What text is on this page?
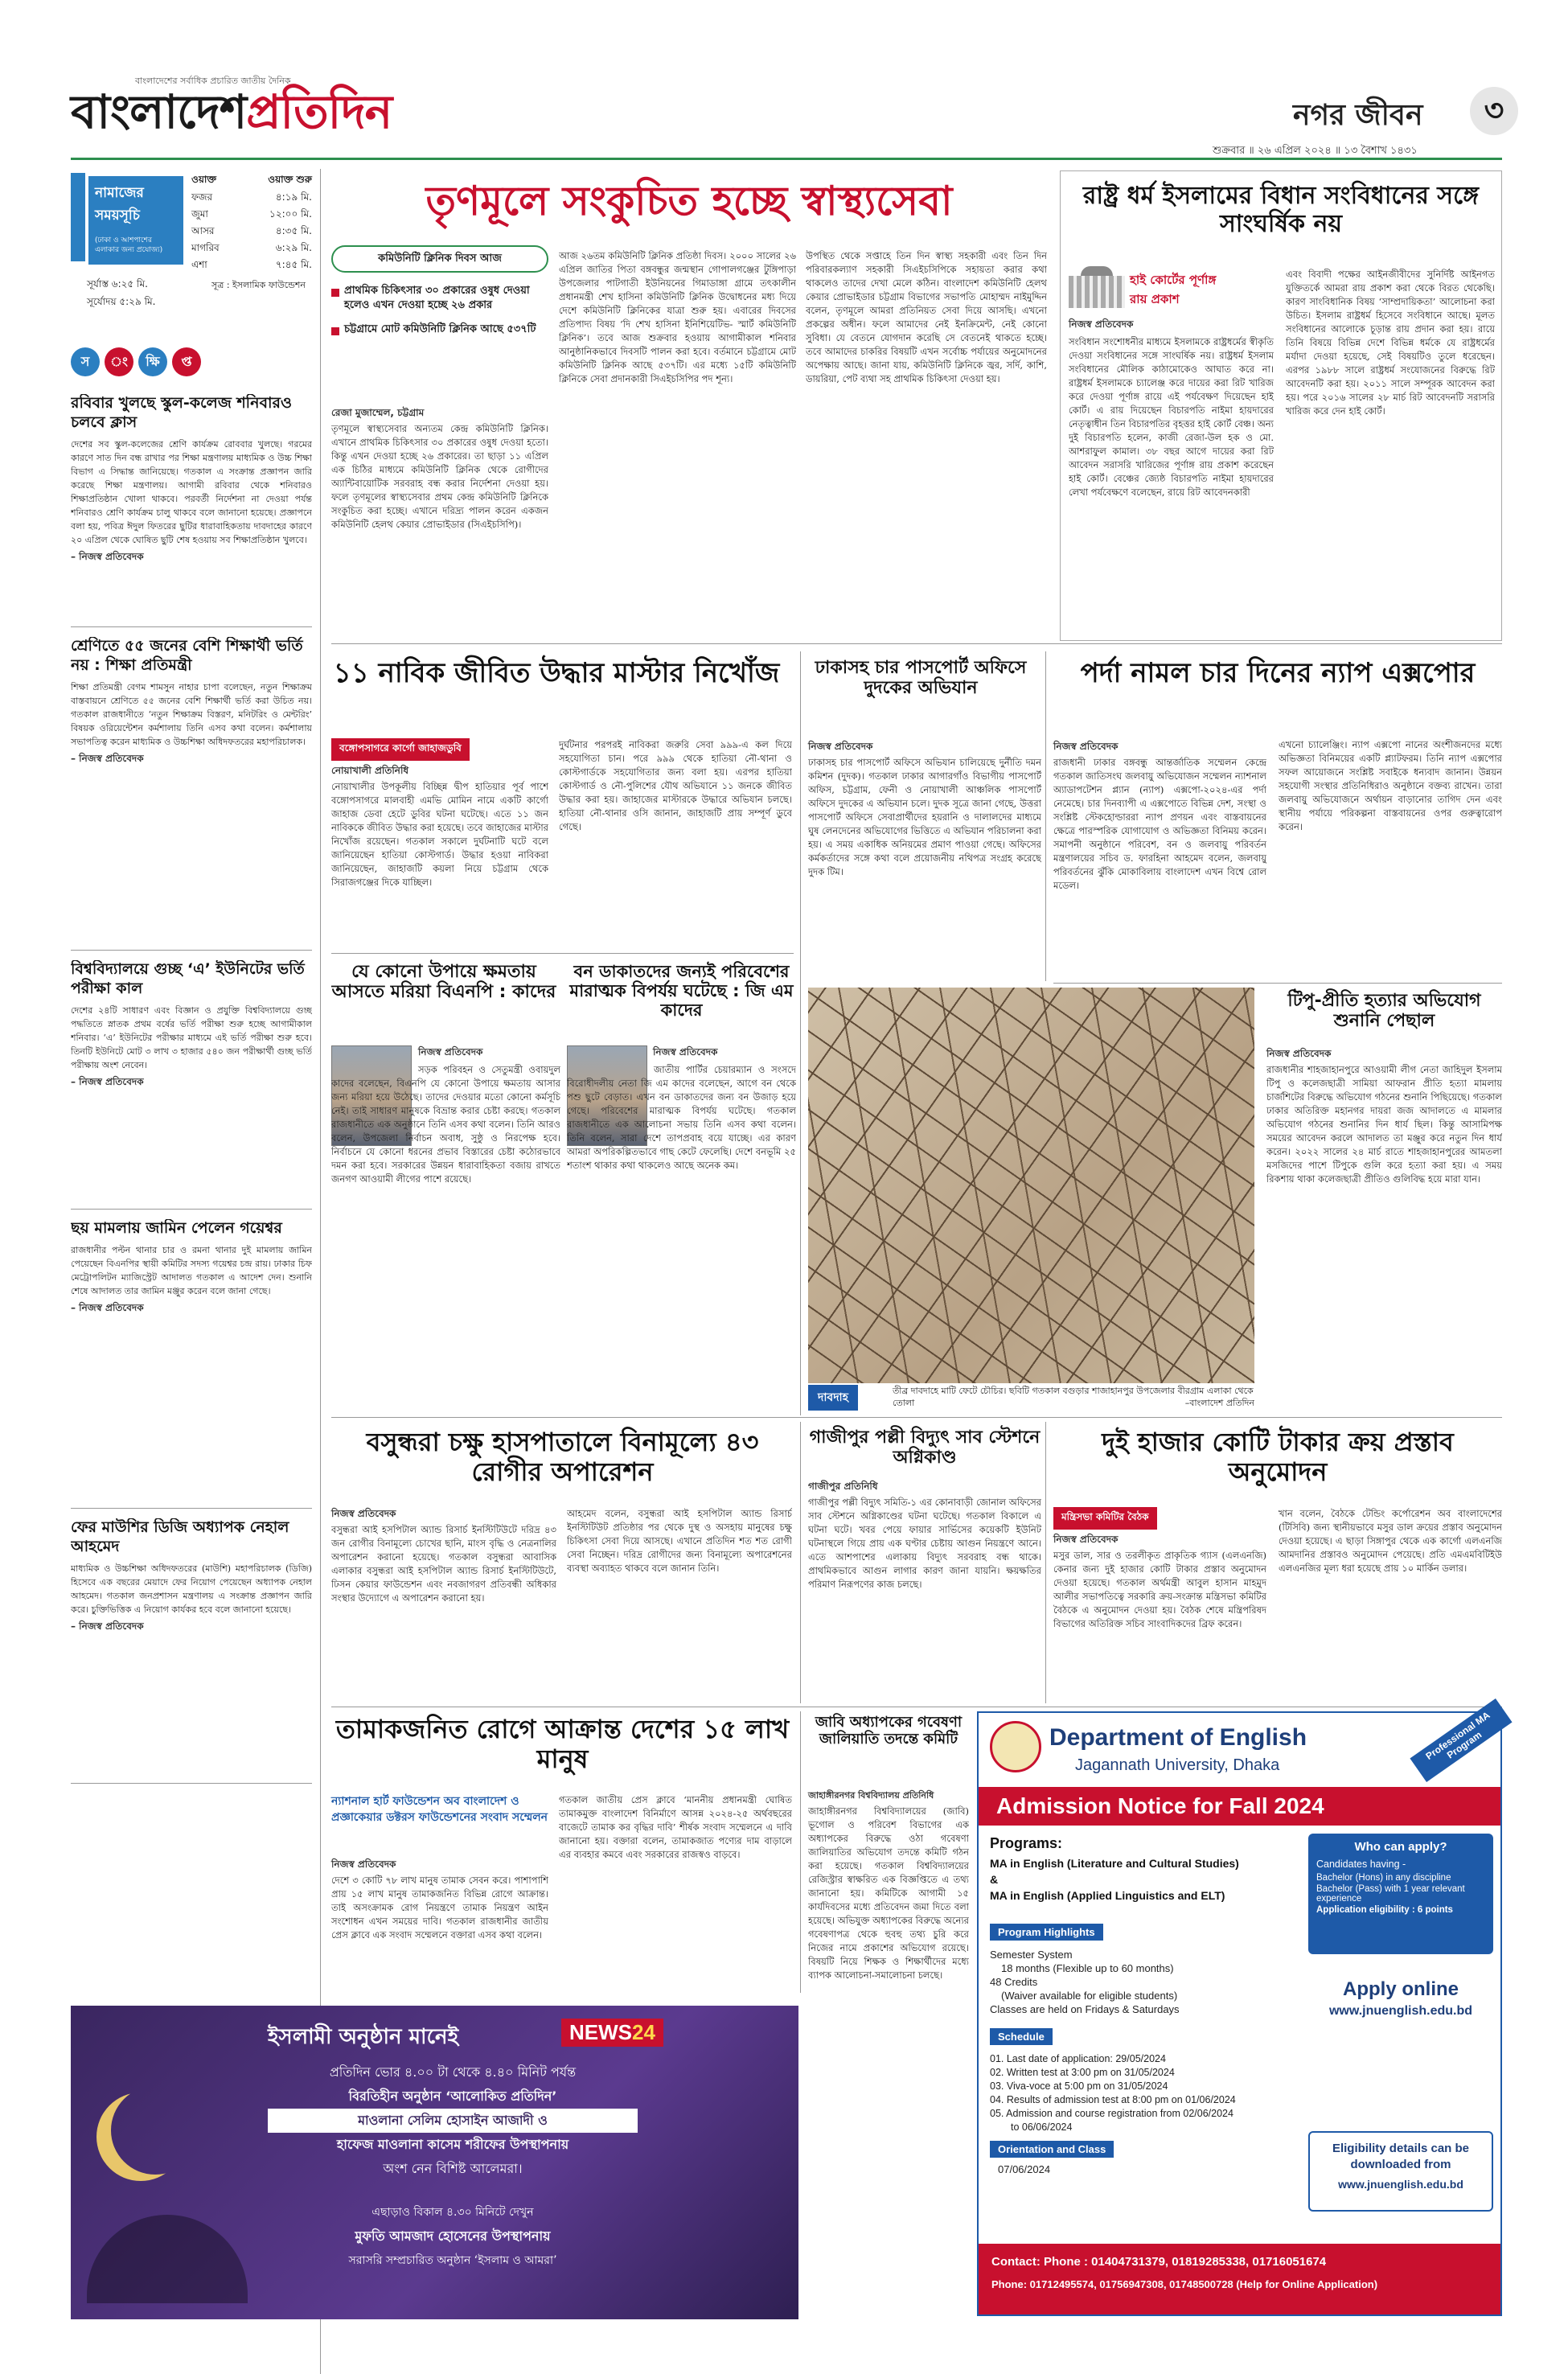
বাংলাদেশের সর্বাধিক প্রচারিত জাতীয় দৈনিক
বাংলাদেশপ্রতিদিন	নগর জীবন	৩
শুক্রবার ॥ ২৬ এপ্রিল ২০২৪ ॥ ১৩ বৈশাখ ১৪৩১
নামাজের
সময়সূচি
(ঢাকা ও আশপাশের এলাকার জন্য প্রযোজ্য)
ওয়াক্ত	ওয়াক্ত শুরু
ফজর	৪:১৯ মি.
জুমা	১২:০০ মি.
আসর	৪:৩৫ মি.
মাগরিব	৬:২৯ মি.
এশা	৭:৪৫ মি.
সূর্যাস্ত ৬:২৫ মি.
সূর্যোদয় ৫:২৯ মি.
সূত্র : ইসলামিক ফাউন্ডেশন
স	ং	ক্ষি	প্ত
রবিবার খুলছে স্কুল-কলেজ শনিবারও চলবে ক্লাস
দেশের সব স্কুল-কলেজের শ্রেণি কার্যক্রম রোববার খুলছে। গরমের কারণে সাত দিন বন্ধ রাখার পর শিক্ষা মন্ত্রণালয় মাধ্যমিক ও উচ্চ শিক্ষা বিভাগ এ সিদ্ধান্ত জানিয়েছে। গতকাল এ সংক্রান্ত প্রজ্ঞাপন জারি করেছে শিক্ষা মন্ত্রণালয়। আগামী রবিবার থেকে শনিবারও শিক্ষাপ্রতিষ্ঠান খোলা থাকবে। পরবর্তী নির্দেশনা না দেওয়া পর্যন্ত শনিবারও শ্রেণি কার্যক্রম চালু থাকবে বলে জানানো হয়েছে। প্রজ্ঞাপনে বলা হয়, পবিত্র ঈদুল ফিতরের ছুটির ধারাবাহিকতায় দাবদাহের কারণে ২০ এপ্রিল থেকে ঘোষিত ছুটি শেষ হওয়ায় সব শিক্ষাপ্রতিষ্ঠান খুলবে।
– নিজস্ব প্রতিবেদক
শ্রেণিতে ৫৫ জনের বেশি শিক্ষার্থী ভর্তি নয় : শিক্ষা প্রতিমন্ত্রী
শিক্ষা প্রতিমন্ত্রী বেগম শামসুন নাহার চাপা বলেছেন, নতুন শিক্ষাক্রম বাস্তবায়নে শ্রেণিতে ৫৫ জনের বেশি শিক্ষার্থী ভর্তি করা উচিত নয়। গতকাল রাজধানীতে ‘নতুন শিক্ষাক্রম বিস্তরণ, মনিটরিং ও মেন্টরিং’ বিষয়ক ওরিয়েন্টেশন কর্মশালায় তিনি এসব কথা বলেন। কর্মশালায় সভাপতিত্ব করেন মাধ্যমিক ও উচ্চশিক্ষা অধিদফতরের মহাপরিচালক।
– নিজস্ব প্রতিবেদক
বিশ্ববিদ্যালয়ে গুচ্ছ ‘এ’ ইউনিটের ভর্তি পরীক্ষা কাল
দেশের ২৪টি সাধারণ এবং বিজ্ঞান ও প্রযুক্তি বিশ্ববিদ্যালয়ে গুচ্ছ পদ্ধতিতে স্নাতক প্রথম বর্ষের ভর্তি পরীক্ষা শুরু হচ্ছে আগামীকাল শনিবার। ‘এ’ ইউনিটের পরীক্ষার মাধ্যমে এই ভর্তি পরীক্ষা শুরু হবে। তিনটি ইউনিটে মোট ৩ লাখ ৩ হাজার ৫৪০ জন পরীক্ষার্থী গুচ্ছ ভর্তি পরীক্ষায় অংশ নেবেন।
– নিজস্ব প্রতিবেদক
ছয় মামলায় জামিন পেলেন গয়েশ্বর
রাজধানীর পল্টন থানার চার ও রমনা থানার দুই মামলায় জামিন পেয়েছেন বিএনপির স্থায়ী কমিটির সদস্য গয়েশ্বর চন্দ্র রায়। ঢাকার চিফ মেট্রোপলিটন ম্যাজিস্ট্রেট আদালত গতকাল এ আদেশ দেন। শুনানি শেষে আদালত তার জামিন মঞ্জুর করেন বলে জানা গেছে।
– নিজস্ব প্রতিবেদক
ফের মাউশির ডিজি অধ্যাপক নেহাল আহমেদ
মাধ্যমিক ও উচ্চশিক্ষা অধিদফতরের (মাউশি) মহাপরিচালক (ডিজি) হিসেবে এক বছরের মেয়াদে ফের নিয়োগ পেয়েছেন অধ্যাপক নেহাল আহমেদ। গতকাল জনপ্রশাসন মন্ত্রণালয় এ সংক্রান্ত প্রজ্ঞাপন জারি করে। চুক্তিভিত্তিক এ নিয়োগ কার্যকর হবে বলে জানানো হয়েছে।
– নিজস্ব প্রতিবেদক
তৃণমূলে সংকুচিত হচ্ছে স্বাস্থ্যসেবা
কমিউনিটি ক্লিনিক দিবস আজ
প্রাথমিক চিকিৎসার ৩০ প্রকারের ওষুধ দেওয়া হলেও এখন দেওয়া হচ্ছে ২৬ প্রকার
চট্টগ্রামে মোট কমিউনিটি ক্লিনিক আছে ৫৩৭টি
রেজা মুজাম্মেল, চট্টগ্রাম
তৃণমূলে স্বাস্থ্যসেবার অন্যতম কেন্দ্র কমিউনিটি ক্লিনিক। এখানে প্রাথমিক চিকিৎসার ৩০ প্রকারের ওষুধ দেওয়া হতো। কিন্তু এখন দেওয়া হচ্ছে ২৬ প্রকারের। তা ছাড়া ১১ এপ্রিল এক চিঠির মাধ্যমে কমিউনিটি ক্লিনিক থেকে রোগীদের অ্যান্টিবায়োটিক সরবরাহ বন্ধ করার নির্দেশনা দেওয়া হয়। ফলে তৃণমূলের স্বাস্থ্যসেবার প্রথম কেন্দ্র কমিউনিটি ক্লিনিকে সংকুচিত করা হচ্ছে। এখানে দরিদ্র্য পালন করেন একজন কমিউনিটি হেলথ কেয়ার প্রোভাইডার (সিএইচসিপি)।
আজ ২৬তম কমিউনিটি ক্লিনিক প্রতিষ্ঠা দিবস। ২০০০ সালের ২৬ এপ্রিল জাতির পিতা বঙ্গবন্ধুর জন্মস্থান গোপালগঞ্জের টুঙ্গিপাড়া উপজেলার পাটগাতী ইউনিয়নের গিমাডাঙ্গা গ্রামে তৎকালীন প্রধানমন্ত্রী শেখ হাসিনা কমিউনিটি ক্লিনিক উদ্বোধনের মধ্য দিয়ে দেশে কমিউনিটি ক্লিনিকের যাত্রা শুরু হয়। এবারের দিবসের প্রতিপাদ্য বিষয় ‘দি শেখ হাসিনা ইনিশিয়েটিভ- স্মার্ট কমিউনিটি ক্লিনিক’। তবে আজ শুক্রবার হওয়ায় আগামীকাল শনিবার আনুষ্ঠানিকভাবে দিবসটি পালন করা হবে। বর্তমানে চট্টগ্রামে মোট কমিউনিটি ক্লিনিক আছে ৫৩৭টি। এর মধ্যে ১৫টি কমিউনিটি ক্লিনিকে সেবা প্রদানকারী সিএইচসিপির পদ শূন্য।
উপস্থিত থেকে সপ্তাহে তিন দিন স্বাস্থ্য সহকারী এবং তিন দিন পরিবারকল্যাণ সহকারী সিএইচসিপিকে সহায়তা করার কথা থাকলেও তাদের দেখা মেলে কঠিন। বাংলাদেশ কমিউনিটি হেলথ কেয়ার প্রোভাইডার চট্টগ্রাম বিভাগের সভাপতি মোহাম্মদ নাইমুদ্দিন বলেন, তৃণমূলে আমরা প্রতিনিয়ত সেবা দিয়ে আসছি। এখনো প্রকল্পের অধীন। ফলে আমাদের নেই ইনক্রিমেন্ট, নেই কোনো সুবিধা। যে বেতনে যোগদান করেছি সে বেতনেই থাকতে হচ্ছে। তবে আমাদের চাকরির বিষয়টি এখন সর্বোচ্চ পর্যায়ের অনুমোদনের অপেক্ষায় আছে। জানা যায়, কমিউনিটি ক্লিনিকে জ্বর, সর্দি, কাশি, ডায়রিয়া, পেট ব্যথা সহ প্রাথমিক চিকিৎসা দেওয়া হয়।
রাষ্ট্র ধর্ম ইসলামের বিধান সংবিধানের সঙ্গে সাংঘর্ষিক নয়
হাই কোর্টের পূর্ণাঙ্গ
রায় প্রকাশ
নিজস্ব প্রতিবেদক
সংবিধান সংশোধনীর মাধ্যমে ইসলামকে রাষ্ট্রধর্মের স্বীকৃতি দেওয়া সংবিধানের সঙ্গে সাংঘর্ষিক নয়। রাষ্ট্রধর্ম ইসলাম সংবিধানের মৌলিক কাঠামোকেও আঘাত করে না। রাষ্ট্রধর্ম ইসলামকে চ্যালেঞ্জ করে দায়ের করা রিট খারিজ করে দেওয়া পূর্ণাঙ্গ রায়ে এই পর্যবেক্ষণ দিয়েছেন হাই কোর্ট। এ রায় দিয়েছেন বিচারপতি নাইমা হায়দারের নেতৃত্বাধীন তিন বিচারপতির বৃহত্তর হাই কোর্ট বেঞ্চ। অন্য দুই বিচারপতি হলেন, কাজী রেজা-উল হক ও মো. আশরাফুল কামাল। ৩৮ বছর আগে দায়ের করা রিট আবেদন সরাসরি খারিজের পূর্ণাঙ্গ রায় প্রকাশ করেছেন হাই কোর্ট। বেঞ্চের জ্যেষ্ঠ বিচারপতি নাইমা হায়দারের লেখা পর্যবেক্ষণে বলেছেন, রায়ে রিট আবেদনকারী
এবং বিবাদী পক্ষের আইনজীবীদের সুনির্দিষ্ট আইনগত যুক্তিতর্কে আমরা রায় প্রকাশ করা থেকে বিরত থেকেছি। কারণ সাংবিধানিক বিষয় ‘সাম্প্রদায়িকতা’ আলোচনা করা উচিত। ইসলাম রাষ্ট্রধর্ম হিসেবে সংবিধানে আছে। মূলত সংবিধানের আলোকে চূড়ান্ত রায় প্রদান করা হয়। রায়ে তিনি বিষয়ে বিভিন্ন দেশে বিভিন্ন ধর্মকে যে রাষ্ট্রধর্মের মর্যাদা দেওয়া হয়েছে, সেই বিষয়টিও তুলে ধরেছেন। এরপর ১৯৮৮ সালে রাষ্ট্রধর্ম সংযোজনের বিরুদ্ধে রিট আবেদনটি করা হয়। ২০১১ সালে সম্পূরক আবেদন করা হয়। পরে ২০১৬ সালের ২৮ মার্চ রিট আবেদনটি সরাসরি খারিজ করে দেন হাই কোর্ট।
১১ নাবিক জীবিত উদ্ধার মাস্টার নিখোঁজ
বঙ্গোপসাগরে কার্গো জাহাজডুবি
নোয়াখালী প্রতিনিধি
নোয়াখালীর উপকূলীয় বিচ্ছিন্ন দ্বীপ হাতিয়ার পূর্ব পাশে বঙ্গোপসাগরে মালবাহী এমভি মোমিন নামে একটি কার্গো জাহাজ ডেবা হেটে ডুবির ঘটনা ঘটেছে। এতে ১১ জন নাবিককে জীবিত উদ্ধার করা হয়েছে। তবে জাহাজের মাস্টার নিখোঁজ রয়েছেন। গতকাল সকালে দুর্ঘটনাটি ঘটে বলে জানিয়েছেন হাতিয়া কোস্টগার্ড। উদ্ধার হওয়া নাবিকরা জানিয়েছেন, জাহাজটি কয়লা নিয়ে চট্টগ্রাম থেকে সিরাজগঞ্জের দিকে যাচ্ছিল।
দুর্ঘটনার পরপরই নাবিকরা জরুরি সেবা ৯৯৯-এ কল দিয়ে সহযোগিতা চান। পরে ৯৯৯ থেকে হাতিয়া নৌ-থানা ও কোস্টগার্ডকে সহযোগিতার জন্য বলা হয়। এরপর হাতিয়া কোস্টগার্ড ও নৌ-পুলিশের যৌথ অভিযানে ১১ জনকে জীবিত উদ্ধার করা হয়। জাহাজের মাস্টারকে উদ্ধারে অভিযান চলছে। হাতিয়া নৌ-থানার ওসি জানান, জাহাজটি প্রায় সম্পূর্ণ ডুবে গেছে।
যে কোনো উপায়ে ক্ষমতায় আসতে মরিয়া বিএনপি : কাদের
নিজস্ব প্রতিবেদক
সড়ক পরিবহন ও সেতুমন্ত্রী ওবায়দুল কাদের বলেছেন, বিএনপি যে কোনো উপায়ে ক্ষমতায় আসার জন্য মরিয়া হয়ে উঠেছে। তাদের দেওয়ার মতো কোনো কর্মসূচি নেই। তাই সাধারণ মানুষকে বিভ্রান্ত করার চেষ্টা করছে। গতকাল রাজধানীতে এক অনুষ্ঠানে তিনি এসব কথা বলেন। তিনি আরও বলেন, উপজেলা নির্বাচন অবাধ, সুষ্ঠু ও নিরপেক্ষ হবে। নির্বাচনে যে কোনো ধরনের প্রভাব বিস্তারের চেষ্টা কঠোরভাবে দমন করা হবে। সরকারের উন্নয়ন ধারাবাহিকতা বজায় রাখতে জনগণ আওয়ামী লীগের পাশে রয়েছে।
বন ডাকাতদের জন্যই পরিবেশের মারাত্মক বিপর্যয় ঘটেছে : জি এম কাদের
নিজস্ব প্রতিবেদক
জাতীয় পার্টির চেয়ারম্যান ও সংসদে বিরোধীদলীয় নেতা জি এম কাদের বলেছেন, আগে বন থেকে পশু ছুটে বেড়াত। এখন বন ডাকাতদের জন্য বন উজাড় হয়ে গেছে। পরিবেশের মারাত্মক বিপর্যয় ঘটেছে। গতকাল রাজধানীতে এক আলোচনা সভায় তিনি এসব কথা বলেন। তিনি বলেন, সারা দেশে তাপপ্রবাহ বয়ে যাচ্ছে। এর কারণ আমরা অপরিকল্পিতভাবে গাছ কেটে ফেলেছি। দেশে বনভূমি ২৫ শতাংশ থাকার কথা থাকলেও আছে অনেক কম।
ঢাকাসহ চার পাসপোর্ট অফিসে দুদকের অভিযান
নিজস্ব প্রতিবেদক
ঢাকাসহ চার পাসপোর্ট অফিসে অভিযান চালিয়েছে দুর্নীতি দমন কমিশন (দুদক)। গতকাল ঢাকার আগারগাঁও বিভাগীয় পাসপোর্ট অফিস, চট্টগ্রাম, ফেনী ও নোয়াখালী আঞ্চলিক পাসপোর্ট অফিসে দুদকের এ অভিযান চলে। দুদক সূত্রে জানা গেছে, উত্তরা পাসপোর্ট অফিসে সেবাপ্রার্থীদের হয়রানি ও দালালদের মাধ্যমে ঘুষ লেনদেনের অভিযোগের ভিত্তিতে এ অভিযান পরিচালনা করা হয়। এ সময় একাধিক অনিয়মের প্রমাণ পাওয়া গেছে। অফিসের কর্মকর্তাদের সঙ্গে কথা বলে প্রয়োজনীয় নথিপত্র সংগ্রহ করেছে দুদক টিম।
দাবদাহ
তীব্র দাবদাহে মাটি ফেটে চৌচির। ছবিটি গতকাল বগুড়ার শাজাহানপুর উপজেলার বীরগ্রাম এলাকা থেকে তোলা	–বাংলাদেশ প্রতিদিন
পর্দা নামল চার দিনের ন্যাপ এক্সপোর
নিজস্ব প্রতিবেদক
রাজধানী ঢাকার বঙ্গবন্ধু আন্তর্জাতিক সম্মেলন কেন্দ্রে গতকাল জাতিসংঘ জলবায়ু অভিযোজন সম্মেলন ন্যাশনাল অ্যাডাপটেশন প্ল্যান (ন্যাপ) এক্সপো-২০২৪-এর পর্দা নেমেছে। চার দিনব্যাপী এ এক্সপোতে বিভিন্ন দেশ, সংস্থা ও সংশ্লিষ্ট স্টেকহোল্ডাররা ন্যাপ প্রণয়ন এবং বাস্তবায়নের ক্ষেত্রে পারস্পরিক যোগাযোগ ও অভিজ্ঞতা বিনিময় করেন। সমাপনী অনুষ্ঠানে পরিবেশ, বন ও জলবায়ু পরিবর্তন মন্ত্রণালয়ের সচিব ড. ফারহিনা আহমেদ বলেন, জলবায়ু পরিবর্তনের ঝুঁকি মোকাবিলায় বাংলাদেশ এখন বিশ্বে রোল মডেল।
এখনো চ্যালেঞ্জিং। ন্যাপ এক্সপো নানের অংশীজনদের মধ্যে অভিজ্ঞতা বিনিময়ের একটি প্ল্যাটফরম। তিনি ন্যাপ এক্সপোর সফল আয়োজনে সংশ্লিষ্ট সবাইকে ধন্যবাদ জানান। উন্নয়ন সহযোগী সংস্থার প্রতিনিধিরাও অনুষ্ঠানে বক্তব্য রাখেন। তারা জলবায়ু অভিযোজনে অর্থায়ন বাড়ানোর তাগিদ দেন এবং স্থানীয় পর্যায়ে পরিকল্পনা বাস্তবায়নের ওপর গুরুত্বারোপ করেন।
টিপু-প্রীতি হত্যার অভিযোগ শুনানি পেছাল
নিজস্ব প্রতিবেদক
রাজধানীর শাহজাহানপুরে আওয়ামী লীগ নেতা জাহিদুল ইসলাম টিপু ও কলেজছাত্রী সামিয়া আফরান প্রীতি হত্যা মামলায় চার্জশিটের বিরুদ্ধে অভিযোগ গঠনের শুনানি পিছিয়েছে। গতকাল ঢাকার অতিরিক্ত মহানগর দায়রা জজ আদালতে এ মামলার অভিযোগ গঠনের শুনানির দিন ধার্য ছিল। কিন্তু আসামিপক্ষ সময়ের আবেদন করলে আদালত তা মঞ্জুর করে নতুন দিন ধার্য করেন। ২০২২ সালের ২৪ মার্চ রাতে শাহজাহানপুরের আমতলা মসজিদের পাশে টিপুকে গুলি করে হত্যা করা হয়। এ সময় রিকশায় থাকা কলেজছাত্রী প্রীতিও গুলিবিদ্ধ হয়ে মারা যান।
বসুন্ধরা চক্ষু হাসপাতালে বিনামূল্যে ৪৩ রোগীর অপারেশন
নিজস্ব প্রতিবেদক
বসুন্ধরা আই হসপিটাল অ্যান্ড রিসার্চ ইনস্টিটিউটে দরিদ্র ৪৩ জন রোগীর বিনামূল্যে চোখের ছানি, মাংস বৃদ্ধি ও নেত্রনালির অপারেশন করানো হয়েছে। গতকাল বসুন্ধরা আবাসিক এলাকার বসুন্ধরা আই হসপিটাল অ্যান্ড রিসার্চ ইনস্টিটিউটে, ঢিসন কেয়ার ফাউন্ডেশন এবং নবজাগরণ প্রতিবন্ধী অধিকার সংস্থার উদ্যোগে এ অপারেশন করানো হয়।
আহমেদ বলেন, বসুন্ধরা আই হসপিটাল অ্যান্ড রিসার্চ ইনস্টিটিউট প্রতিষ্ঠার পর থেকে দুস্থ ও অসহায় মানুষের চক্ষু চিকিৎসা সেবা দিয়ে আসছে। এখানে প্রতিদিন শত শত রোগী সেবা নিচ্ছেন। দরিদ্র রোগীদের জন্য বিনামূল্যে অপারেশনের ব্যবস্থা অব্যাহত থাকবে বলে জানান তিনি।
গাজীপুর পল্লী বিদ্যুৎ সাব স্টেশনে অগ্নিকাণ্ড
গাজীপুর প্রতিনিধি
গাজীপুর পল্লী বিদ্যুৎ সমিতি-১ এর কোনাবাড়ী জোনাল অফিসের সাব স্টেশনে অগ্নিকাণ্ডের ঘটনা ঘটেছে। গতকাল বিকালে এ ঘটনা ঘটে। খবর পেয়ে ফায়ার সার্ভিসের কয়েকটি ইউনিট ঘটনাস্থলে গিয়ে প্রায় এক ঘণ্টার চেষ্টায় আগুন নিয়ন্ত্রণে আনে। এতে আশপাশের এলাকায় বিদ্যুৎ সরবরাহ বন্ধ থাকে। প্রাথমিকভাবে আগুন লাগার কারণ জানা যায়নি। ক্ষয়ক্ষতির পরিমাণ নিরূপণের কাজ চলছে।
দুই হাজার কোটি টাকার ক্রয় প্রস্তাব অনুমোদন
মন্ত্রিসভা কমিটির বৈঠক
নিজস্ব প্রতিবেদক
মসুর ডাল, সার ও তরলীকৃত প্রাকৃতিক গ্যাস (এলএনজি) কেনার জন্য দুই হাজার কোটি টাকার প্রস্তাব অনুমোদন দেওয়া হয়েছে। গতকাল অর্থমন্ত্রী আবুল হাসান মাহমুদ আলীর সভাপতিত্বে সরকারি ক্রয়-সংক্রান্ত মন্ত্রিসভা কমিটির বৈঠকে এ অনুমোদন দেওয়া হয়। বৈঠক শেষে মন্ত্রিপরিষদ বিভাগের অতিরিক্ত সচিব সাংবাদিকদের ব্রিফ করেন।
খান বলেন, বৈঠকে টেন্ডিং কর্পোরেশন অব বাংলাদেশের (টিসিবি) জন্য স্থানীয়ভাবে মসুর ডাল ক্রয়ের প্রস্তাব অনুমোদন দেওয়া হয়েছে। এ ছাড়া সিঙ্গাপুর থেকে এক কার্গো এলএনজি আমদানির প্রস্তাবও অনুমোদন পেয়েছে। প্রতি এমএমবিটিইউ এলএনজির মূল্য ধরা হয়েছে প্রায় ১০ মার্কিন ডলার।
তামাকজনিত রোগে আক্রান্ত দেশের ১৫ লাখ মানুষ
ন্যাশনাল হার্ট ফাউন্ডেশন অব বাংলাদেশ ও প্রজ্ঞাকেয়ার ডক্টরস ফাউন্ডেশনের সংবাদ সম্মেলন
নিজস্ব প্রতিবেদক
দেশে ৩ কোটি ৭৮ লাখ মানুষ তামাক সেবন করে। পাশাপাশি প্রায় ১৫ লাখ মানুষ তামাকজনিত বিভিন্ন রোগে আক্রান্ত। তাই অসংক্রামক রোগ নিয়ন্ত্রণে তামাক নিয়ন্ত্রণ আইন সংশোধন এখন সময়ের দাবি। গতকাল রাজধানীর জাতীয় প্রেস ক্লাবে এক সংবাদ সম্মেলনে বক্তারা এসব কথা বলেন।
গতকাল জাতীয় প্রেস ক্লাবে ‘মাননীয় প্রধানমন্ত্রী ঘোষিত তামাকমুক্ত বাংলাদেশ বিনির্মাণে আসন্ন ২০২৪-২৫ অর্থবছরের বাজেটে তামাক কর বৃদ্ধির দাবি’ শীর্ষক সংবাদ সম্মেলনে এ দাবি জানানো হয়। বক্তারা বলেন, তামাকজাত পণ্যের দাম বাড়ালে এর ব্যবহার কমবে এবং সরকারের রাজস্বও বাড়বে।
জাবি অধ্যাপকের গবেষণা জালিয়াতি তদন্তে কমিটি
জাহাঙ্গীরনগর বিশ্ববিদ্যালয় প্রতিনিধি
জাহাঙ্গীরনগর বিশ্ববিদ্যালয়ের (জাবি) ভূগোল ও পরিবেশ বিভাগের এক অধ্যাপকের বিরুদ্ধে ওঠা গবেষণা জালিয়াতির অভিযোগ তদন্তে কমিটি গঠন করা হয়েছে। গতকাল বিশ্ববিদ্যালয়ের রেজিস্ট্রার স্বাক্ষরিত এক বিজ্ঞপ্তিতে এ তথ্য জানানো হয়। কমিটিকে আগামী ১৫ কার্যদিবসের মধ্যে প্রতিবেদন জমা দিতে বলা হয়েছে। অভিযুক্ত অধ্যাপকের বিরুদ্ধে অন্যের গবেষণাপত্র থেকে হুবহু তথ্য চুরি করে নিজের নামে প্রকাশের অভিযোগ রয়েছে। বিষয়টি নিয়ে শিক্ষক ও শিক্ষার্থীদের মধ্যে ব্যাপক আলোচনা-সমালোচনা চলছে।
ইসলামী অনুষ্ঠান মানেই	NEWS24
প্রতিদিন ভোর ৪.০০ টা থেকে ৪.৪০ মিনিট পর্যন্ত
বিরতিহীন অনুষ্ঠান ‘আলোকিত প্রতিদিন’
মাওলানা সেলিম হোসাইন আজাদী ও
হাফেজ মাওলানা কাসেম শরীফের উপস্থাপনায়
অংশ নেন বিশিষ্ট আলেমরা।
এছাড়াও বিকাল ৪.৩০ মিনিটে দেখুন
মুফতি আমজাদ হোসেনের উপস্থাপনায়
সরাসরি সম্প্রচারিত অনুষ্ঠান ‘ইসলাম ও আমরা’
Department of English
Jagannath University, Dhaka
Professional MA Program
Admission Notice for Fall 2024
Programs:
MA in English (Literature and Cultural Studies)
&
MA in English (Applied Linguistics and ELT)
Program Highlights
Semester System
18 months (Flexible up to 60 months)
48 Credits
(Waiver available for eligible students)
Classes are held on Fridays & Saturdays
Schedule
01. Last date of application: 29/05/2024
02. Written test at 3:00 pm on 31/05/2024
03. Viva-voce at 5:00 pm on 31/05/2024
04. Results of admission test at 8:00 pm on 01/06/2024
05. Admission and course registration from 02/06/2024
to 06/06/2024
Orientation and Class
07/06/2024
Who can apply?
Candidates having -
Bachelor (Hons) in any discipline
Bachelor (Pass) with 1 year relevant experience
Application eligibility : 6 points
Apply online
www.jnuenglish.edu.bd
Eligibility details can be downloaded from
www.jnuenglish.edu.bd
Contact: Phone : 01404731379, 01819285338, 01716051674
Phone: 01712495574, 01756947308, 01748500728 (Help for Online Application)
